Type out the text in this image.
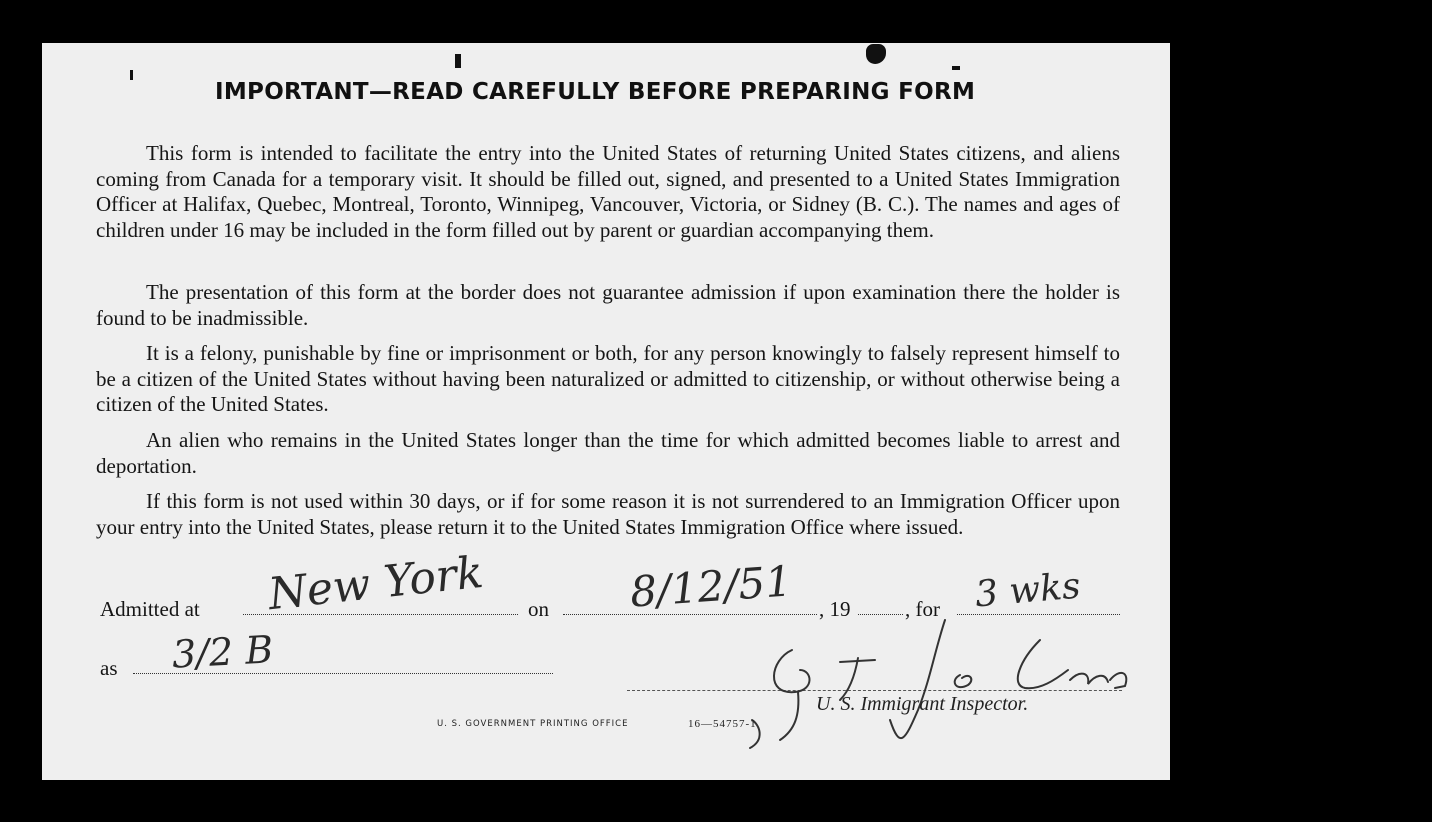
IMPORTANT—READ CAREFULLY BEFORE PREPARING FORM

This form is intended to facilitate the entry into the United States of returning United States citizens, and aliens coming from Canada for a temporary visit. It should be filled out, signed, and presented to a United States Immigration Officer at Halifax, Quebec, Montreal, Toronto, Winnipeg, Vancouver, Victoria, or Sidney (B. C.). The names and ages of children under 16 may be included in the form filled out by parent or guardian accompanying them.

The presentation of this form at the border does not guarantee admission if upon examination there the holder is found to be inadmissible.

It is a felony, punishable by fine or imprisonment or both, for any person knowingly to falsely represent himself to be a citizen of the United States without having been naturalized or admitted to citizenship, or without otherwise being a citizen of the United States.

An alien who remains in the United States longer than the time for which admitted becomes liable to arrest and deportation.

If this form is not used within 30 days, or if for some reason it is not surrendered to an Immigration Officer upon your entry into the United States, please return it to the United States Immigration Office where issued.

Admitted at New York on 8/12/51 , 19	, for 3 wks
as 3/2 B
U. S. Immigrant Inspector.
U. S. GOVERNMENT PRINTING OFFICE	16—54757-1
